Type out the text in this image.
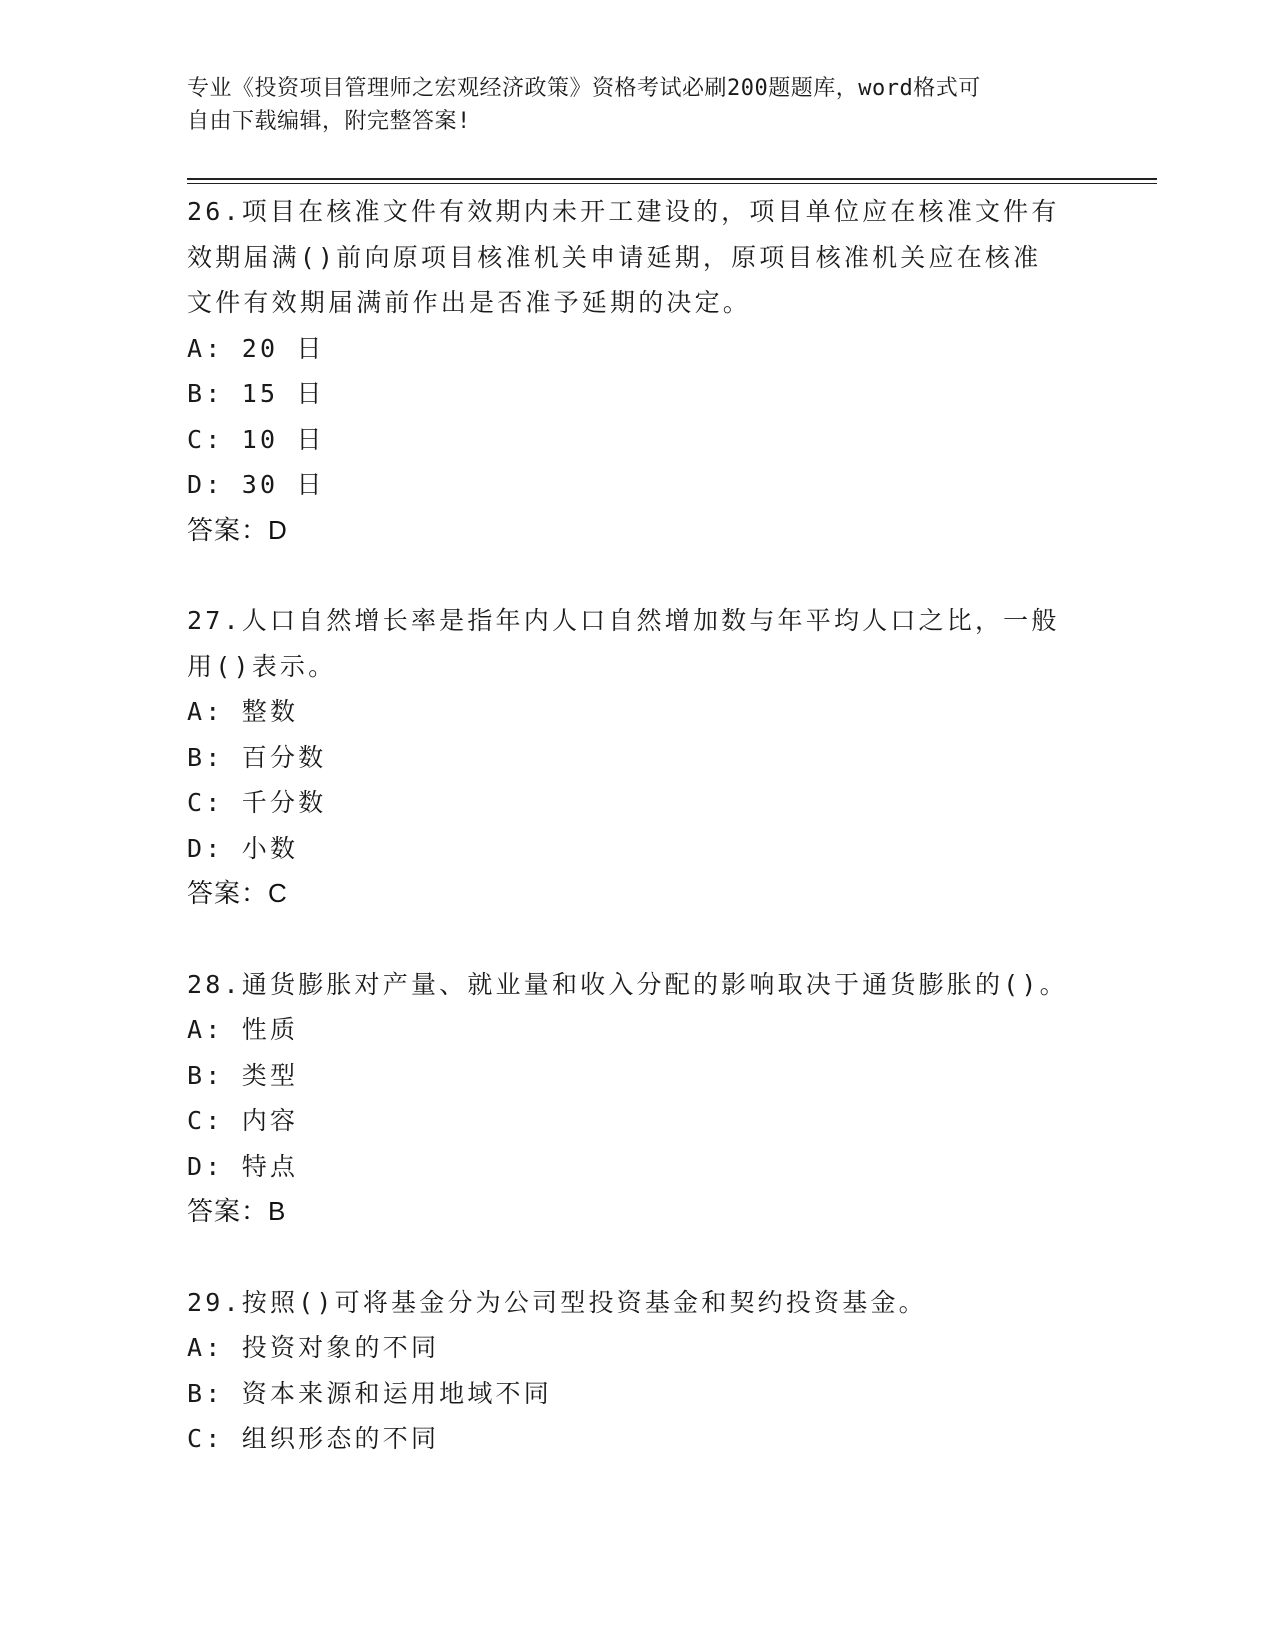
专业《投资项目管理师之宏观经济政策》资格考试必刷200题题库，word格式可
自由下载编辑，附完整答案!

26.项目在核准文件有效期内未开工建设的，项目单位应在核准文件有

效期届满()前向原项目核准机关申请延期，原项目核准机关应在核准

文件有效期届满前作出是否准予延期的决定。

A: 20 日

B: 15 日

C: 10 日

D: 30 日

答案：D

27.人口自然增长率是指年内人口自然增加数与年平均人口之比，一般

用()表示。

A: 整数

B: 百分数

C: 千分数

D: 小数

答案：C

28.通货膨胀对产量、就业量和收入分配的影响取决于通货膨胀的()。

A: 性质

B: 类型

C: 内容

D: 特点

答案：B

29.按照()可将基金分为公司型投资基金和契约投资基金。

A: 投资对象的不同

B: 资本来源和运用地域不同

C: 组织形态的不同
